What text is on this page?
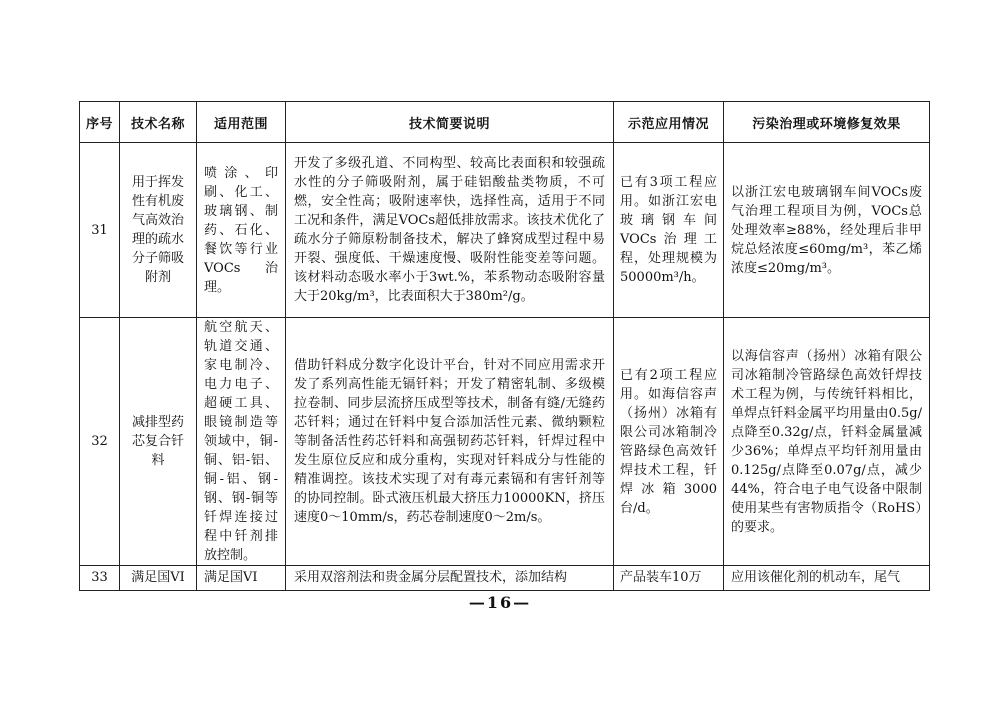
序号	技术名称	适用范围	技术简要说明	示范应用情况	污染治理或环境修复效果
31	用于挥发性有机废气高效治理的疏水分子筛吸附剂	喷涂、印刷、化工、玻璃钢、制药、石化、餐饮等行业VOCs治理。	开发了多级孔道、不同构型、较高比表面积和较强疏水性的分子筛吸附剂，属于硅铝酸盐类物质，不可燃，安全性高；吸附速率快，选择性高，适用于不同工况和条件，满足VOCs超低排放需求。该技术优化了疏水分子筛原粉制备技术，解决了蜂窝成型过程中易开裂、强度低、干燥速度慢、吸附性能变差等问题。该材料动态吸水率小于3wt.%，苯系物动态吸附容量大于20kg/m³，比表面积大于380m²/g。	已有3项工程应用。如浙江宏电玻璃钢车间VOCs治理工程，处理规模为50000m³/h。	以浙江宏电玻璃钢车间VOCs废气治理工程项目为例，VOCs总处理效率≥88%，经处理后非甲烷总烃浓度≤60mg/m³，苯乙烯浓度≤20mg/m³。
32	减排型药芯复合钎料	航空航天、轨道交通、家电制冷、电力电子、超硬工具、眼镜制造等领域中，铜-铜、铝-铝、铜-铝、钢-钢、钢-铜等钎焊连接过程中钎剂排放控制。	借助钎料成分数字化设计平台，针对不同应用需求开发了系列高性能无镉钎料；开发了精密轧制、多级模拉卷制、同步层流挤压成型等技术，制备有缝/无缝药芯钎料；通过在钎料中复合添加活性元素、微纳颗粒等制备活性药芯钎料和高强韧药芯钎料，钎焊过程中发生原位反应和成分重构，实现对钎料成分与性能的精准调控。该技术实现了对有毒元素镉和有害钎剂等的协同控制。卧式液压机最大挤压力10000KN，挤压速度0～10mm/s，药芯卷制速度0～2m/s。	已有2项工程应用。如海信容声（扬州）冰箱有限公司冰箱制冷管路绿色高效钎焊技术工程，钎焊冰箱3000台/d。	以海信容声（扬州）冰箱有限公司冰箱制冷管路绿色高效钎焊技术工程为例，与传统钎料相比，单焊点钎料金属平均用量由0.5g/点降至0.32g/点，钎料金属量减少36%；单焊点平均钎剂用量由0.125g/点降至0.07g/点，减少44%，符合电子电气设备中限制使用某些有害物质指令（RoHS）的要求。
33	满足国VI	满足国VI	采用双溶剂法和贵金属分层配置技术，添加结构	产品装车10万	应用该催化剂的机动车，尾气
—16—
